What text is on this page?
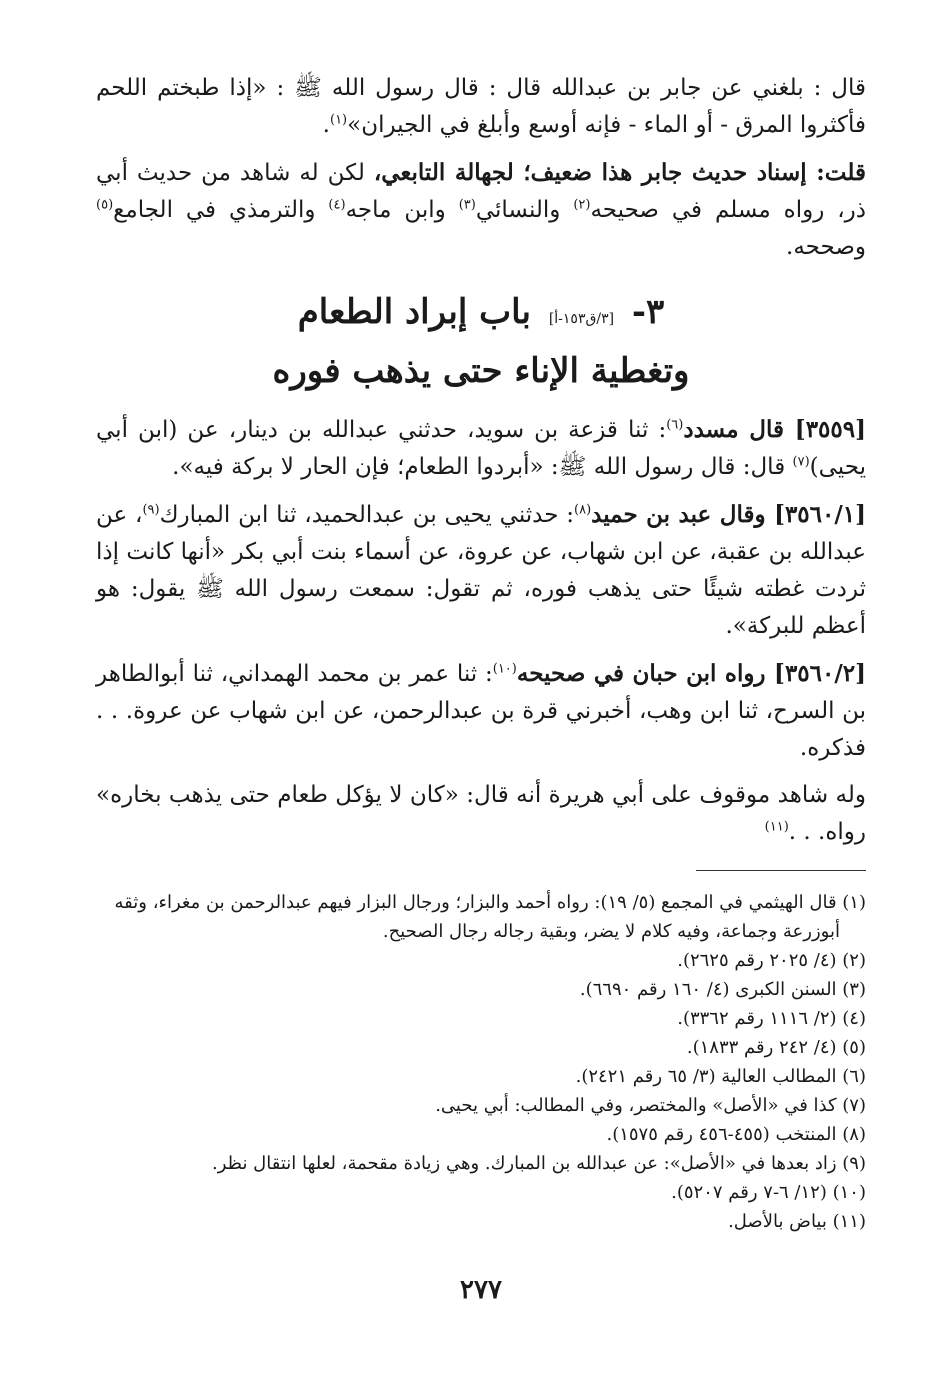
قال : بلغني عن جابر بن عبدالله قال : قال رسول الله ﷺ : «إذا طبختم اللحم فأكثروا المرق - أو الماء - فإنه أوسع وأبلغ في الجيران»$^{(١)}$.

قلت: إسناد حديث جابر هذا ضعيف؛ لجهالة التابعي، لكن له شاهد من حديث أبي ذر، رواه مسلم في صحيحه$^{(٢)}$ والنسائي$^{(٣)}$ وابن ماجه$^{(٤)}$ والترمذي في الجامع$^{(٥)}$ وصححه.

٣- [٣/ق١٥٣-أ] باب إبراد الطعام
وتغطية الإناء حتى يذهب فوره

[٣٥٥٩] قال مسدد$^{(٦)}$: ثنا قزعة بن سويد، حدثني عبدالله بن دينار، عن (ابن أبي يحيى)$^{(٧)}$ قال: قال رسول الله ﷺ: «أبردوا الطعام؛ فإن الحار لا بركة فيه».

[٣٥٦٠/١] وقال عبد بن حميد$^{(٨)}$: حدثني يحيى بن عبدالحميد، ثنا ابن المبارك$^{(٩)}$، عن عبدالله بن عقبة، عن ابن شهاب، عن عروة، عن أسماء بنت أبي بكر «أنها كانت إذا ثردت غطته شيئًا حتى يذهب فوره، ثم تقول: سمعت رسول الله ﷺ يقول: هو أعظم للبركة».

[٣٥٦٠/٢] رواه ابن حبان في صحيحه$^{(١٠)}$: ثنا عمر بن محمد الهمداني، ثنا أبوالطاهر بن السرح، ثنا ابن وهب، أخبرني قرة بن عبدالرحمن، عن ابن شهاب عن عروة. . . فذكره.

وله شاهد موقوف على أبي هريرة أنه قال: «كان لا يؤكل طعام حتى يذهب بخاره» رواه. . .$^{(١١)}$

(١) قال الهيثمي في المجمع (٥/ ١٩): رواه أحمد والبزار؛ ورجال البزار فيهم عبدالرحمن بن مغراء، وثقه

أبوزرعة وجماعة، وفيه كلام لا يضر، وبقية رجاله رجال الصحيح.

(٢) (٤/ ٢٠٢٥ رقم ٢٦٢٥).

(٣) السنن الكبرى (٤/ ١٦٠ رقم ٦٦٩٠).

(٤) (٢/ ١١١٦ رقم ٣٣٦٢).

(٥) (٤/ ٢٤٢ رقم ١٨٣٣).

(٦) المطالب العالية (٣/ ٦٥ رقم ٢٤٢١).

(٧) كذا في «الأصل» والمختصر، وفي المطالب: أبي يحيى.

(٨) المنتخب (٤٥٥-٤٥٦ رقم ١٥٧٥).

(٩) زاد بعدها في «الأصل»: عن عبدالله بن المبارك. وهي زيادة مقحمة، لعلها انتقال نظر.

(١٠) (١٢/ ٦-٧ رقم ٥٢٠٧).

(١١) بياض بالأصل.

٢٧٧
